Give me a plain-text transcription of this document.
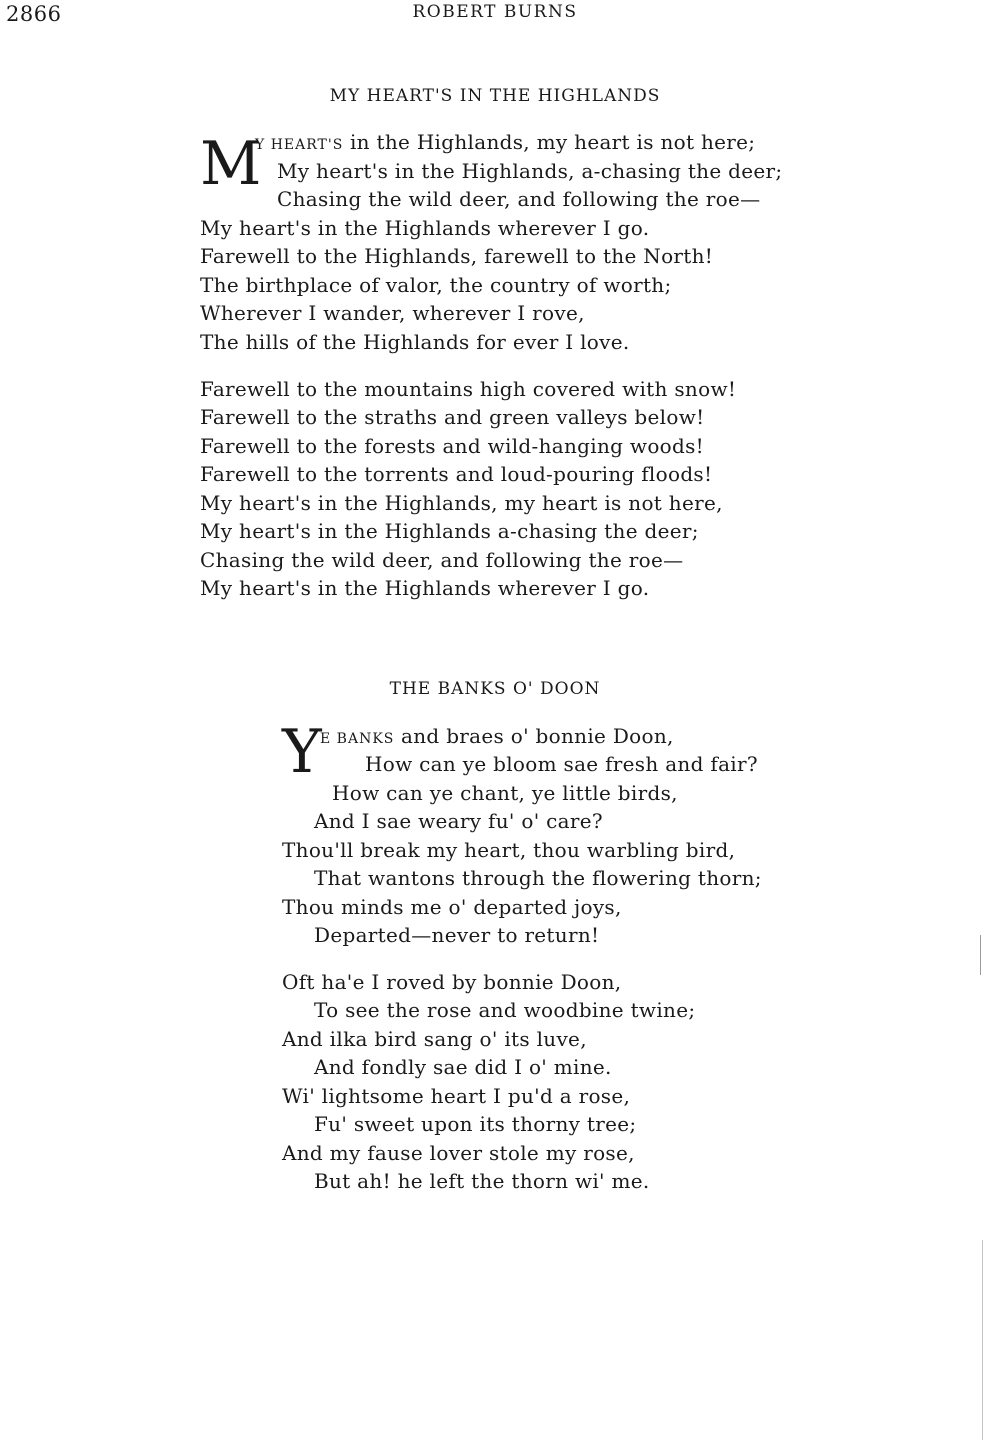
2866	ROBERT BURNS
MY HEART'S IN THE HIGHLANDS
M
Y HEART'S in the Highlands, my heart is not here;
My heart's in the Highlands, a-chasing the deer;
Chasing the wild deer, and following the roe—
My heart's in the Highlands wherever I go.
Farewell to the Highlands, farewell to the North!
The birthplace of valor, the country of worth;
Wherever I wander, wherever I rove,
The hills of the Highlands for ever I love.
Farewell to the mountains high covered with snow!
Farewell to the straths and green valleys below!
Farewell to the forests and wild-hanging woods!
Farewell to the torrents and loud-pouring floods!
My heart's in the Highlands, my heart is not here,
My heart's in the Highlands a-chasing the deer;
Chasing the wild deer, and following the roe—
My heart's in the Highlands wherever I go.
THE BANKS O' DOON
Y
E BANKS and braes o' bonnie Doon,
How can ye bloom sae fresh and fair?
How can ye chant, ye little birds,
And I sae weary fu' o' care?
Thou'll break my heart, thou warbling bird,
That wantons through the flowering thorn;
Thou minds me o' departed joys,
Departed—never to return!
Oft ha'e I roved by bonnie Doon,
To see the rose and woodbine twine;
And ilka bird sang o' its luve,
And fondly sae did I o' mine.
Wi' lightsome heart I pu'd a rose,
Fu' sweet upon its thorny tree;
And my fause lover stole my rose,
But ah! he left the thorn wi' me.
